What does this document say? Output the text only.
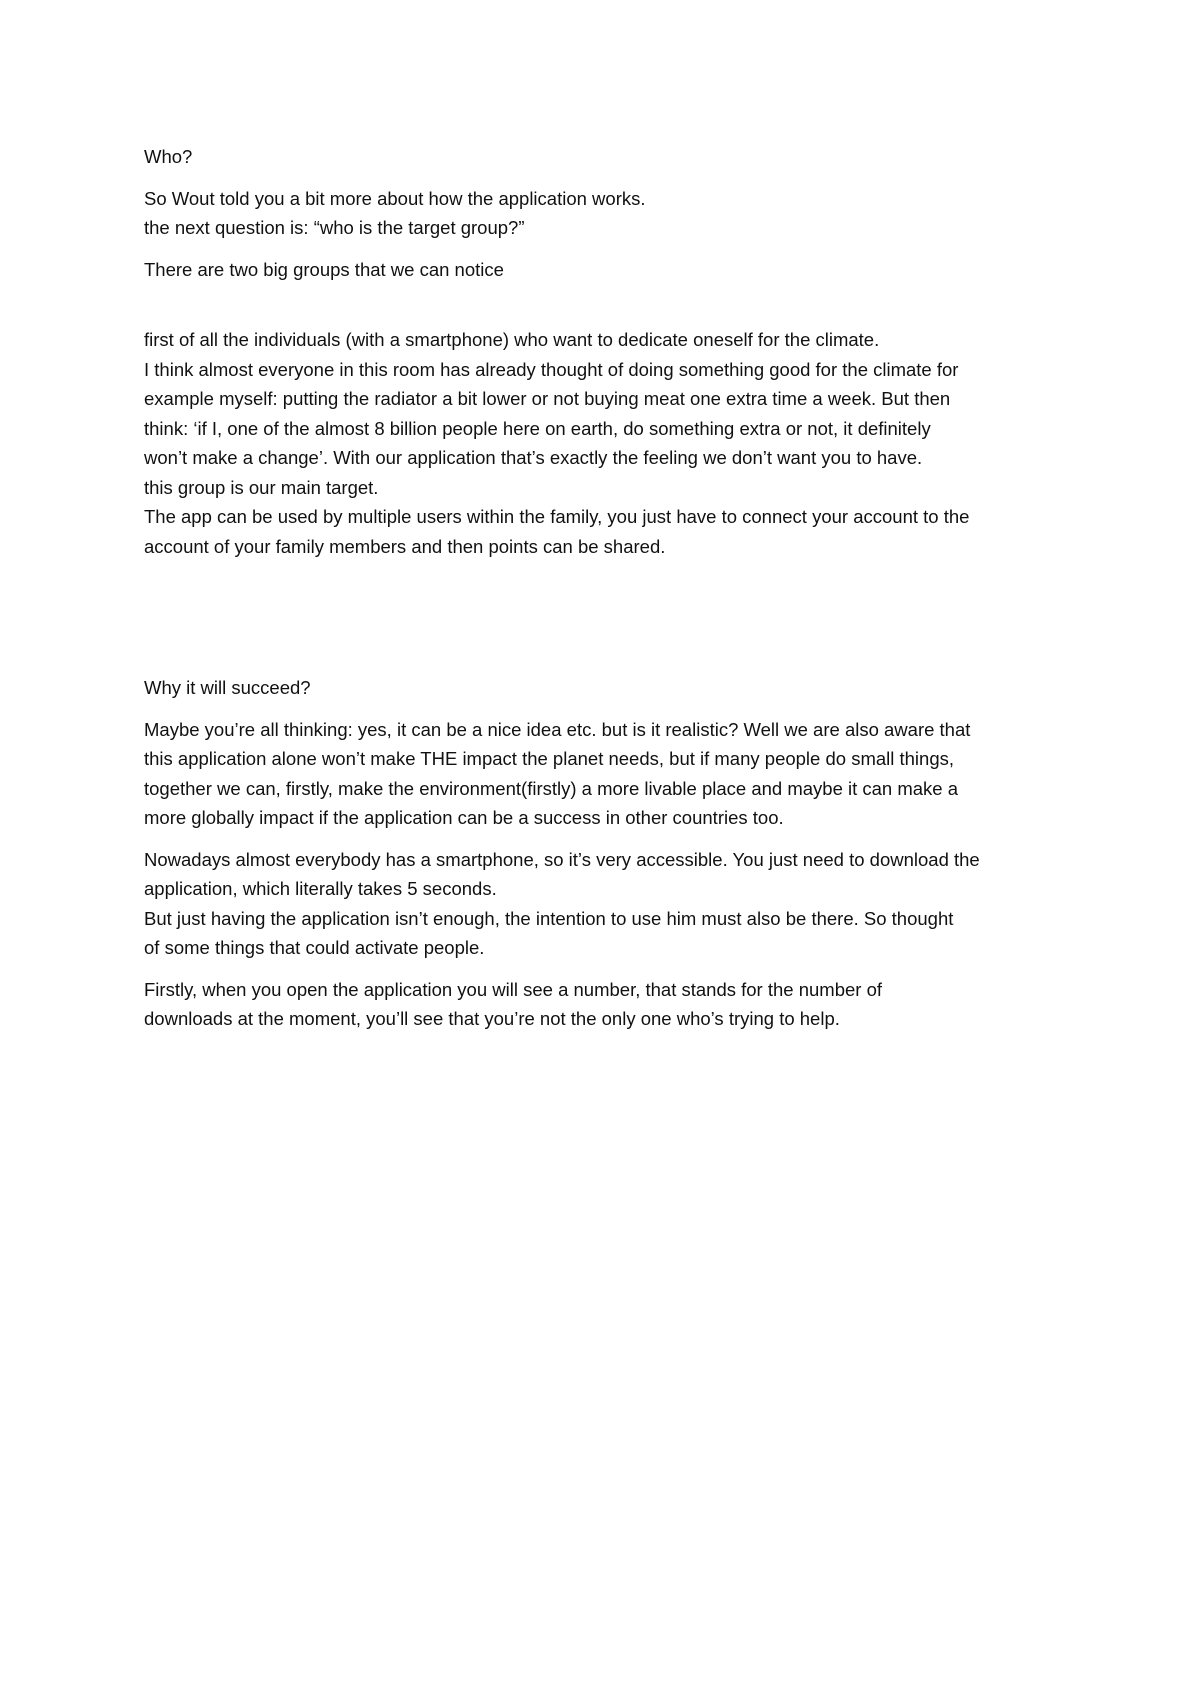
Who?

So Wout told you a bit more about how the application works.
the next question is: “who is the target group?”

There are two big groups that we can notice

first of all the individuals (with a smartphone) who want to dedicate oneself for the climate.
I think almost everyone in this room has already thought of doing something good for the climate for
example myself: putting the radiator a bit lower or not buying meat one extra time a week. But then
think: ‘if I, one of the almost 8 billion people here on earth, do something extra or not, it definitely
won’t make a change’. With our application that’s exactly the feeling we don’t want you to have.
this group is our main target.
The app can be used by multiple users within the family, you just have to connect your account to the
account of your family members and then points can be shared.

Why it will succeed?

Maybe you’re all thinking: yes, it can be a nice idea etc. but is it realistic? Well we are also aware that
this application alone won’t make THE impact the planet needs, but if many people do small things,
together we can, firstly, make the environment(firstly) a more livable place and maybe it can make a
more globally impact if the application can be a success in other countries too.

Nowadays almost everybody has a smartphone, so it’s very accessible. You just need to download the
application, which literally takes 5 seconds.
But just having the application isn’t enough, the intention to use him must also be there. So thought
of some things that could activate people.

Firstly, when you open the application you will see a number, that stands for the number of
downloads at the moment, you’ll see that you’re not the only one who’s trying to help.
